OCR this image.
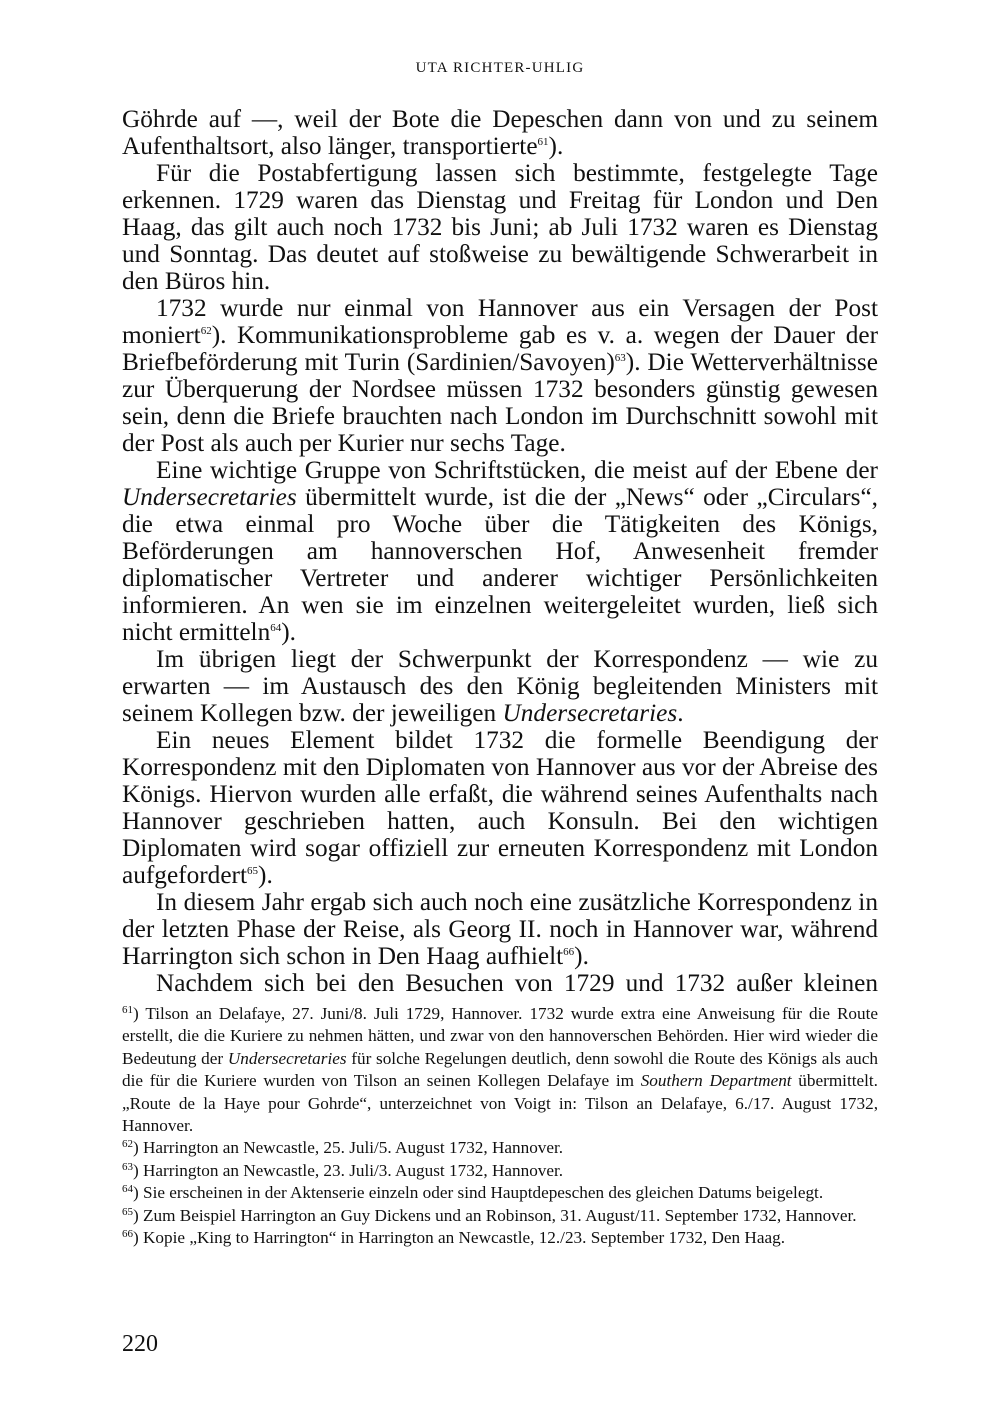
UTA RICHTER-UHLIG

Göhrde auf —, weil der Bote die Depeschen dann von und zu seinem Aufenthaltsort, also länger, transportierte$^{61}$).

Für die Postabfertigung lassen sich bestimmte, festgelegte Tage erkennen. 1729 waren das Dienstag und Freitag für London und Den Haag, das gilt auch noch 1732 bis Juni; ab Juli 1732 waren es Dienstag und Sonntag. Das deutet auf stoßweise zu bewältigende Schwerarbeit in den Büros hin.

1732 wurde nur einmal von Hannover aus ein Versagen der Post moniert$^{62}$). Kommunikationsprobleme gab es v. a. wegen der Dauer der Briefbeförderung mit Turin (Sardinien/Savoyen)$^{63}$). Die Wetterverhältnisse zur Überquerung der Nordsee müssen 1732 besonders günstig gewesen sein, denn die Briefe brauchten nach London im Durchschnitt sowohl mit der Post als auch per Kurier nur sechs Tage.

Eine wichtige Gruppe von Schriftstücken, die meist auf der Ebene der Undersecretaries übermittelt wurde, ist die der „News“ oder „Circulars“, die etwa einmal pro Woche über die Tätigkeiten des Königs, Beförderungen am hannoverschen Hof, Anwesenheit fremder diplomatischer Vertreter und anderer wichtiger Persönlichkeiten informieren. An wen sie im einzelnen weitergeleitet wurden, ließ sich nicht ermitteln$^{64}$).

Im übrigen liegt der Schwerpunkt der Korrespondenz — wie zu erwarten — im Austausch des den König begleitenden Ministers mit seinem Kollegen bzw. der jeweiligen Undersecretaries.

Ein neues Element bildet 1732 die formelle Beendigung der Korrespondenz mit den Diplomaten von Hannover aus vor der Abreise des Königs. Hiervon wurden alle erfaßt, die während seines Aufenthalts nach Hannover geschrieben hatten, auch Konsuln. Bei den wichtigen Diplomaten wird sogar offiziell zur erneuten Korrespondenz mit London aufgefordert$^{65}$).

In diesem Jahr ergab sich auch noch eine zusätzliche Korrespondenz in der letzten Phase der Reise, als Georg II. noch in Hannover war, während Harrington sich schon in Den Haag aufhielt$^{66}$).

Nachdem sich bei den Besuchen von 1729 und 1732 außer kleinen

$^{61}$) Tilson an Delafaye, 27. Juni/8. Juli 1729, Hannover. 1732 wurde extra eine Anweisung für die Route erstellt, die die Kuriere zu nehmen hätten, und zwar von den hannoverschen Behörden. Hier wird wieder die Bedeutung der Undersecretaries für solche Regelungen deutlich, denn sowohl die Route des Königs als auch die für die Kuriere wurden von Tilson an seinen Kollegen Delafaye im Southern Department übermittelt. „Route de la Haye pour Gohrde“, unterzeichnet von Voigt in: Tilson an Delafaye, 6./17. August 1732, Hannover.

$^{62}$) Harrington an Newcastle, 25. Juli/5. August 1732, Hannover.

$^{63}$) Harrington an Newcastle, 23. Juli/3. August 1732, Hannover.

$^{64}$) Sie erscheinen in der Aktenserie einzeln oder sind Hauptdepeschen des gleichen Datums beigelegt.

$^{65}$) Zum Beispiel Harrington an Guy Dickens und an Robinson, 31. August/11. September 1732, Hannover.

$^{66}$) Kopie „King to Harrington“ in Harrington an Newcastle, 12./23. September 1732, Den Haag.

220
